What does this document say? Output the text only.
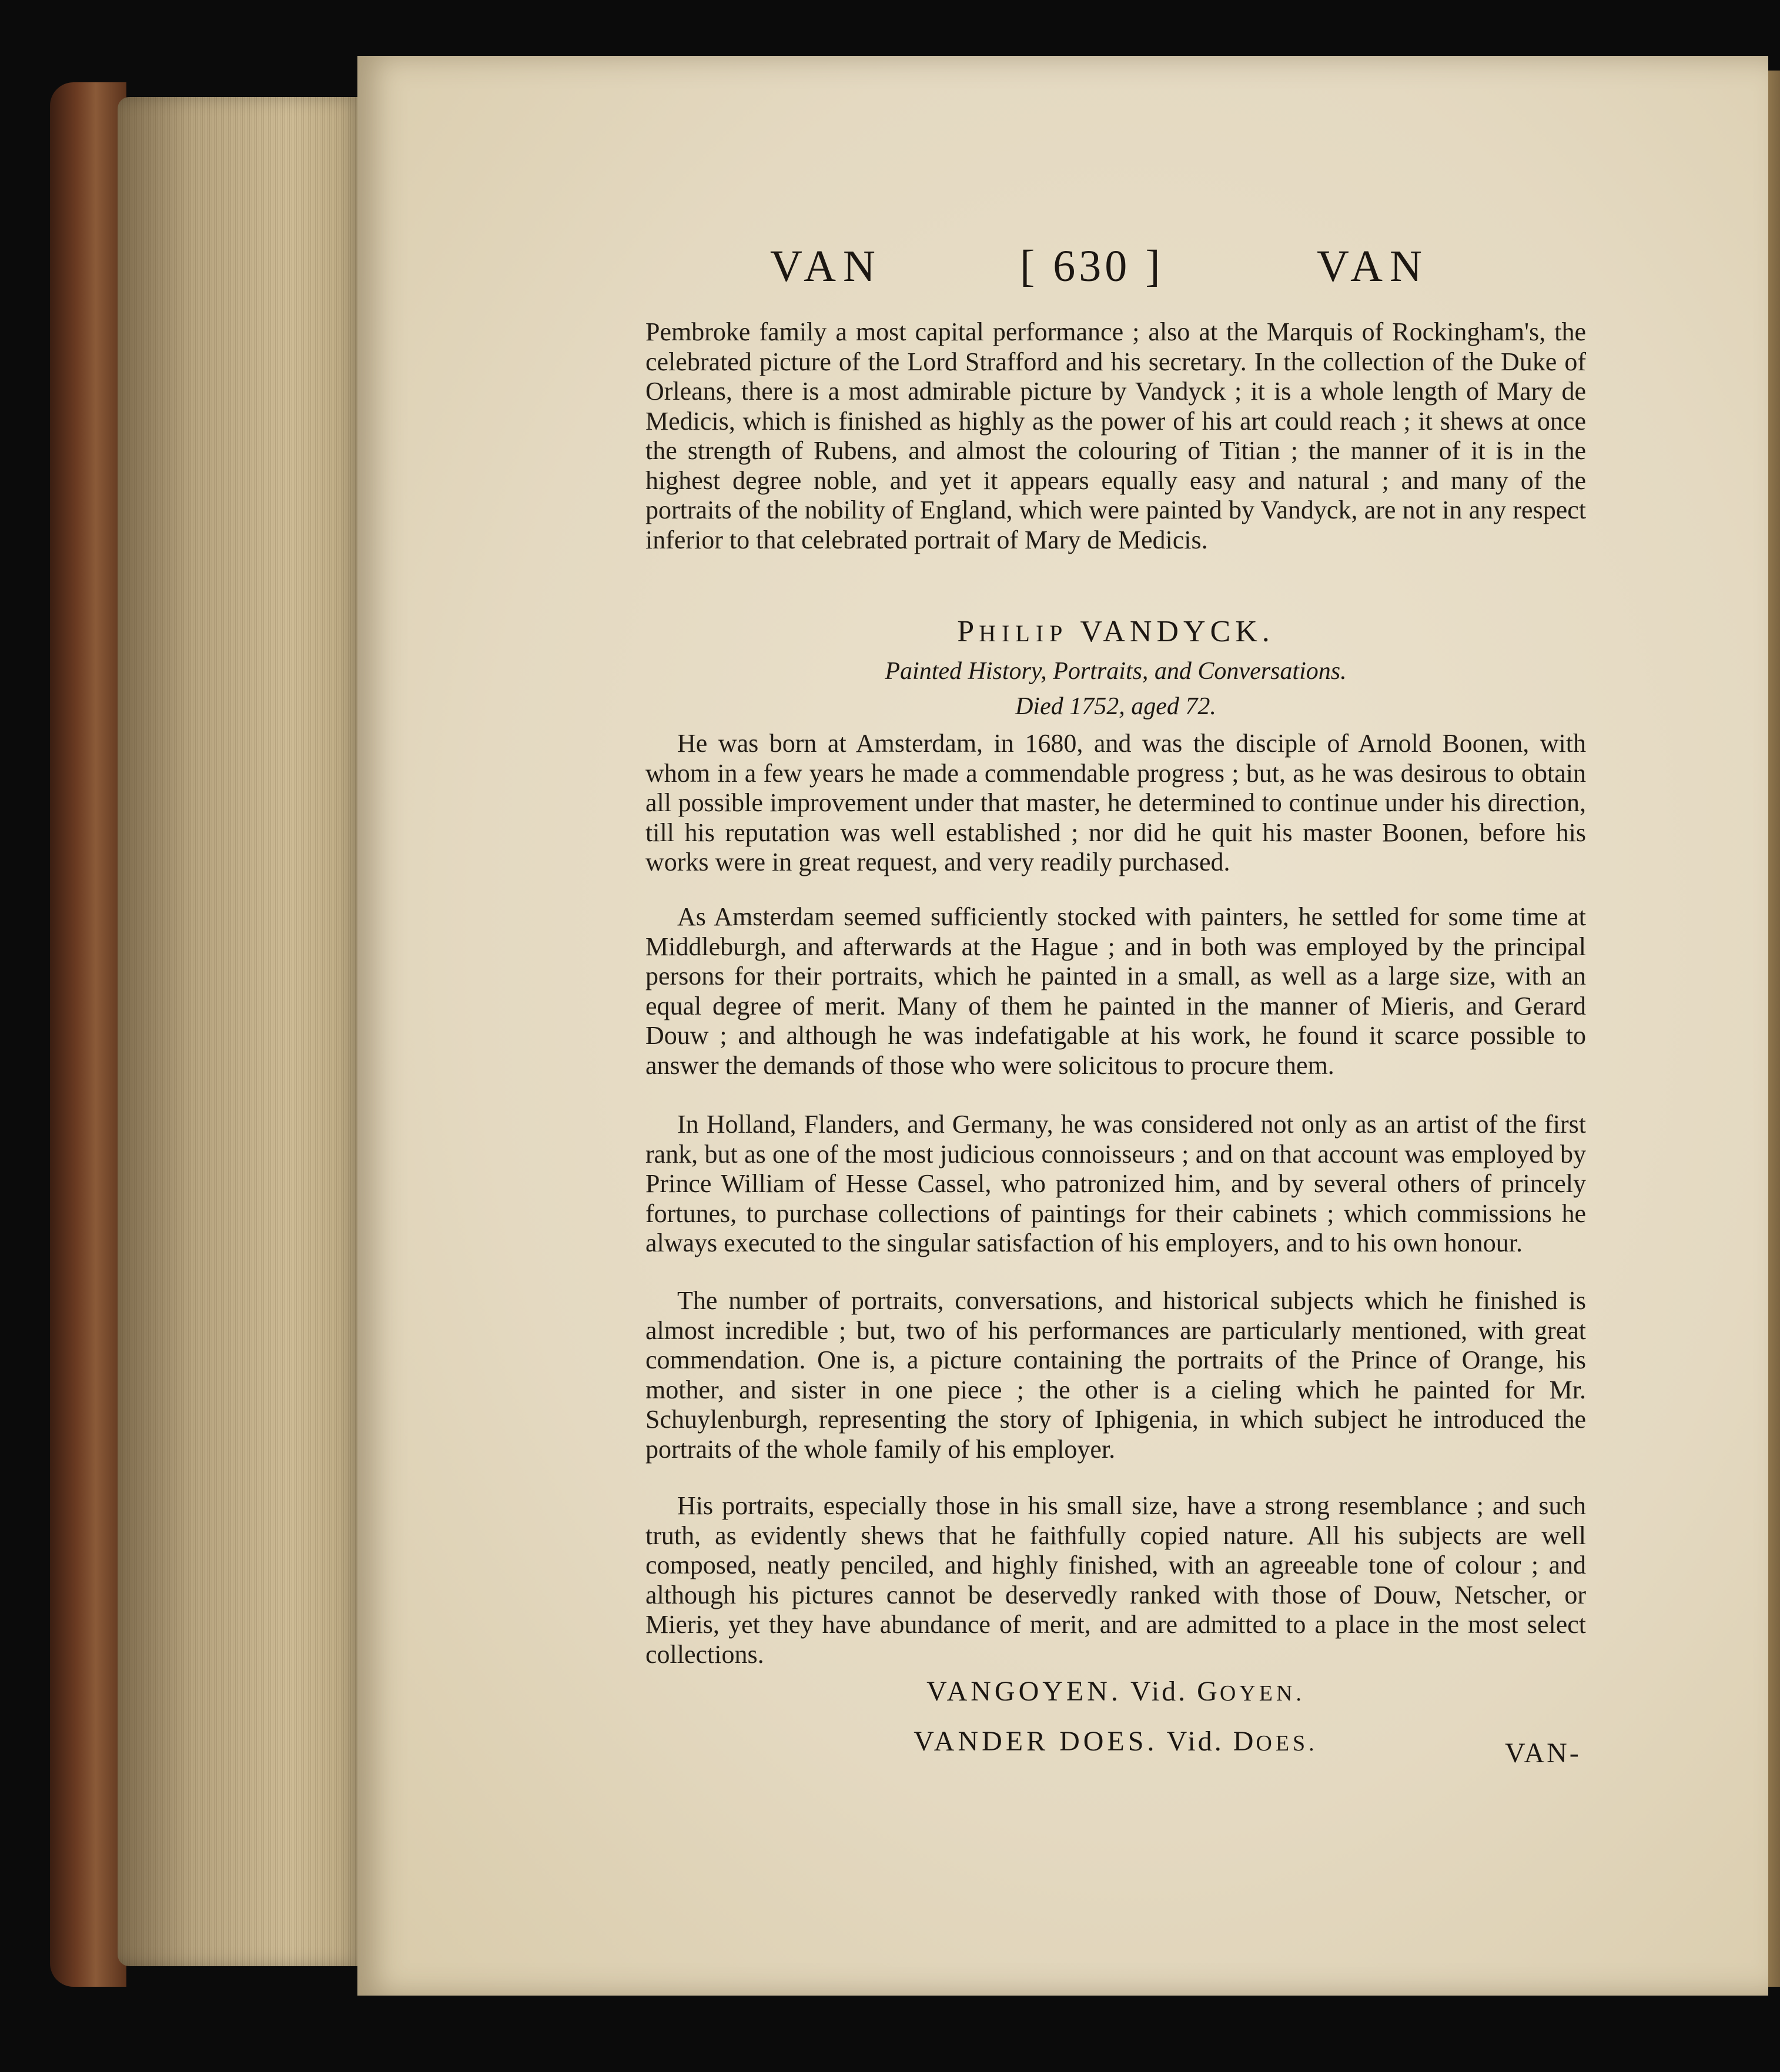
VAN	[ 630 ]	VAN

Pembroke family a most capital performance ; also at the Marquis of Rockingham's, the celebrated picture of the Lord Strafford and his secretary. In the collection of the Duke of Orleans, there is a most admirable picture by Vandyck ; it is a whole length of Mary de Medicis, which is finished as highly as the power of his art could reach ; it shews at once the strength of Rubens, and almost the colouring of Titian ; the manner of it is in the highest degree noble, and yet it appears equally easy and natural ; and many of the portraits of the nobility of England, which were painted by Vandyck, are not in any respect inferior to that celebrated portrait of Mary de Medicis.

PHILIP VANDYCK.
Painted History, Portraits, and Conversations.
Died 1752, aged 72.

He was born at Amsterdam, in 1680, and was the disciple of Arnold Boonen, with whom in a few years he made a commendable progress ; but, as he was desirous to obtain all possible improvement under that master, he determined to continue under his direction, till his reputation was well established ; nor did he quit his master Boonen, before his works were in great request, and very readily purchased.

As Amsterdam seemed sufficiently stocked with painters, he settled for some time at Middleburgh, and afterwards at the Hague ; and in both was employed by the principal persons for their portraits, which he painted in a small, as well as a large size, with an equal degree of merit. Many of them he painted in the manner of Mieris, and Gerard Douw ; and although he was indefatigable at his work, he found it scarce possible to answer the demands of those who were solicitous to procure them.

In Holland, Flanders, and Germany, he was considered not only as an artist of the first rank, but as one of the most judicious connoisseurs ; and on that account was employed by Prince William of Hesse Cassel, who patronized him, and by several others of princely fortunes, to purchase collections of paintings for their cabinets ; which commissions he always executed to the singular satisfaction of his employers, and to his own honour.

The number of portraits, conversations, and historical subjects which he finished is almost incredible ; but, two of his performances are particularly mentioned, with great commendation. One is, a picture containing the portraits of the Prince of Orange, his mother, and sister in one piece ; the other is a cieling which he painted for Mr. Schuylenburgh, representing the story of Iphigenia, in which subject he introduced the portraits of the whole family of his employer.

His portraits, especially those in his small size, have a strong resemblance ; and such truth, as evidently shews that he faithfully copied nature. All his subjects are well composed, neatly penciled, and highly finished, with an agreeable tone of colour ; and although his pictures cannot be deservedly ranked with those of Douw, Netscher, or Mieris, yet they have abundance of merit, and are admitted to a place in the most select collections.

VANGOYEN. Vid. GOYEN.
VANDER DOES. Vid. DOES.	VAN-
